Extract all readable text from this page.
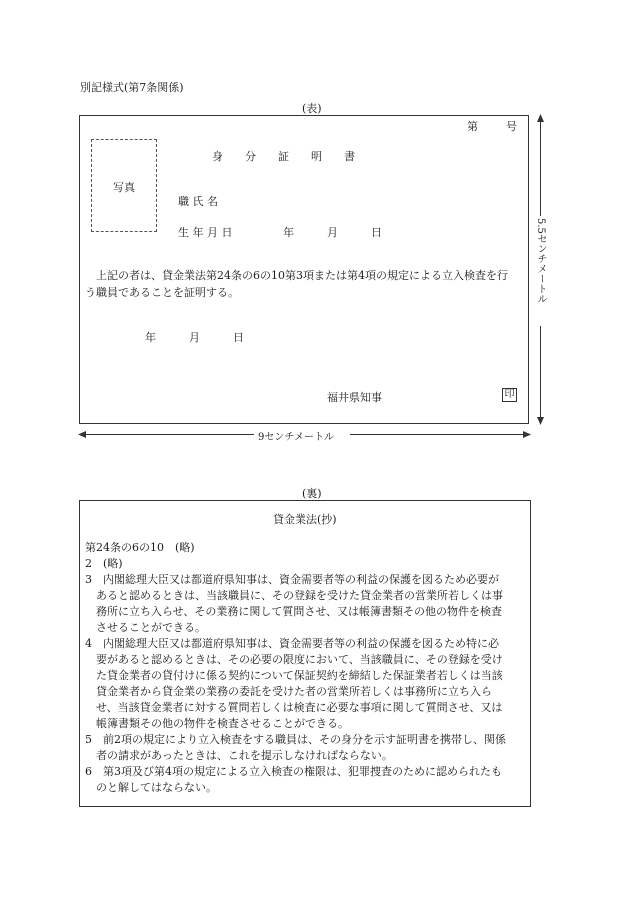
別記様式(第7条関係)
(表)
第	号
身　　分　　証　　明　　書
写真
職 氏 名
生 年 月 日	年　　　月　　　日
　上記の者は、貸金業法第24条の6の10第3項または第4項の規定による立入検査を行
う職員であることを証明する。
年　　　月　　　日
福井県知事	印
9センチメートル
5.5センチメートル
(裏)
貸金業法(抄)
第24条の6の10　(略)
2　(略)
3　内閣総理大臣又は都道府県知事は、資金需要者等の利益の保護を図るため必要が
　あると認めるときは、当該職員に、その登録を受けた貸金業者の営業所若しくは事
　務所に立ち入らせ、その業務に関して質問させ、又は帳簿書類その他の物件を検査
　させることができる。
4　内閣総理大臣又は都道府県知事は、資金需要者等の利益の保護を図るため特に必
　要があると認めるときは、その必要の限度において、当該職員に、その登録を受け
　た貸金業者の貸付けに係る契約について保証契約を締結した保証業者若しくは当該
　貸金業者から貸金業の業務の委託を受けた者の営業所若しくは事務所に立ち入ら
　せ、当該貸金業者に対する質問若しくは検査に必要な事項に関して質問させ、又は
　帳簿書類その他の物件を検査させることができる。
5　前2項の規定により立入検査をする職員は、その身分を示す証明書を携帯し、関係
　者の請求があったときは、これを提示しなければならない。
6　第3項及び第4項の規定による立入検査の権限は、犯罪捜査のために認められたも
　のと解してはならない。
